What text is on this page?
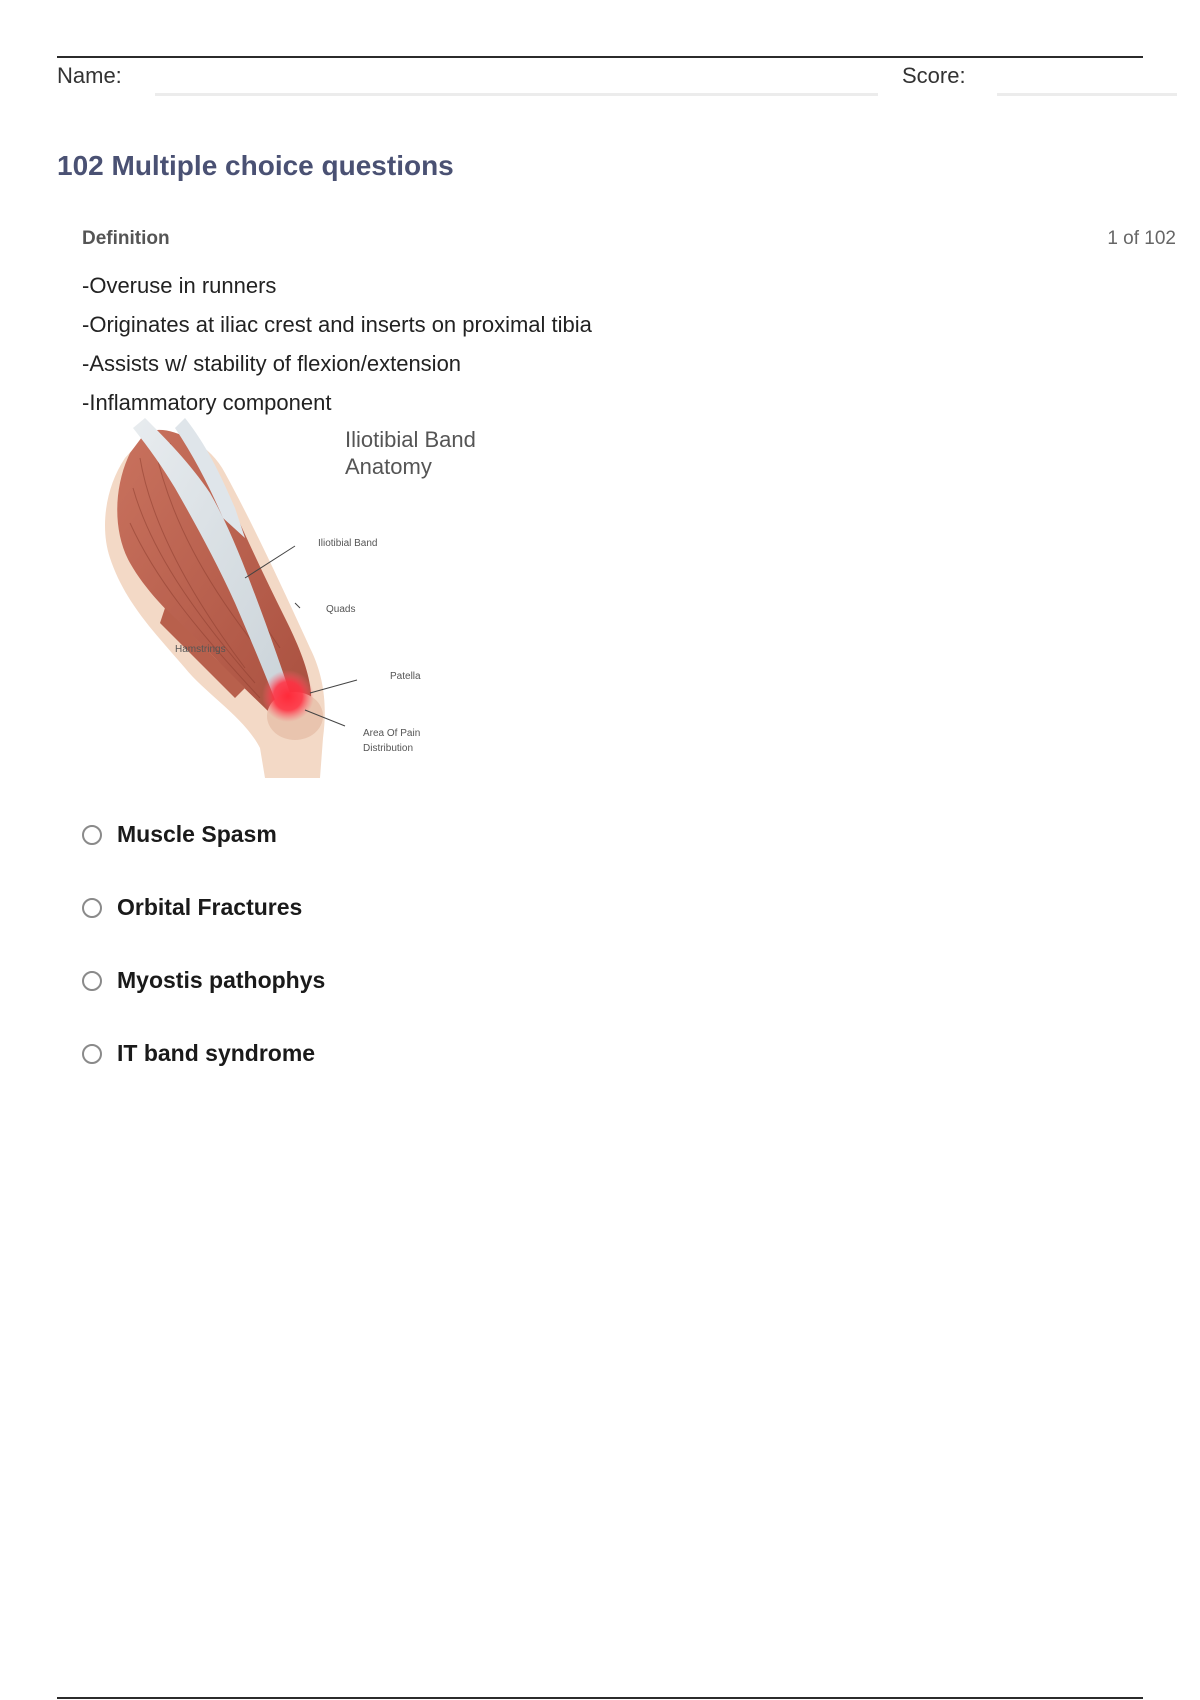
Name:	Score:
102 Multiple choice questions
Definition	1 of 102
-Overuse in runners
-Originates at iliac crest and inserts on proximal tibia
-Assists w/ stability of flexion/extension
-Inflammatory component
Iliotibial Band
Anatomy
Iliotibial Band
Quads
Hamstrings
Patella
Area Of Pain
Distribution
Muscle Spasm
Orbital Fractures
Myostis pathophys
IT band syndrome
